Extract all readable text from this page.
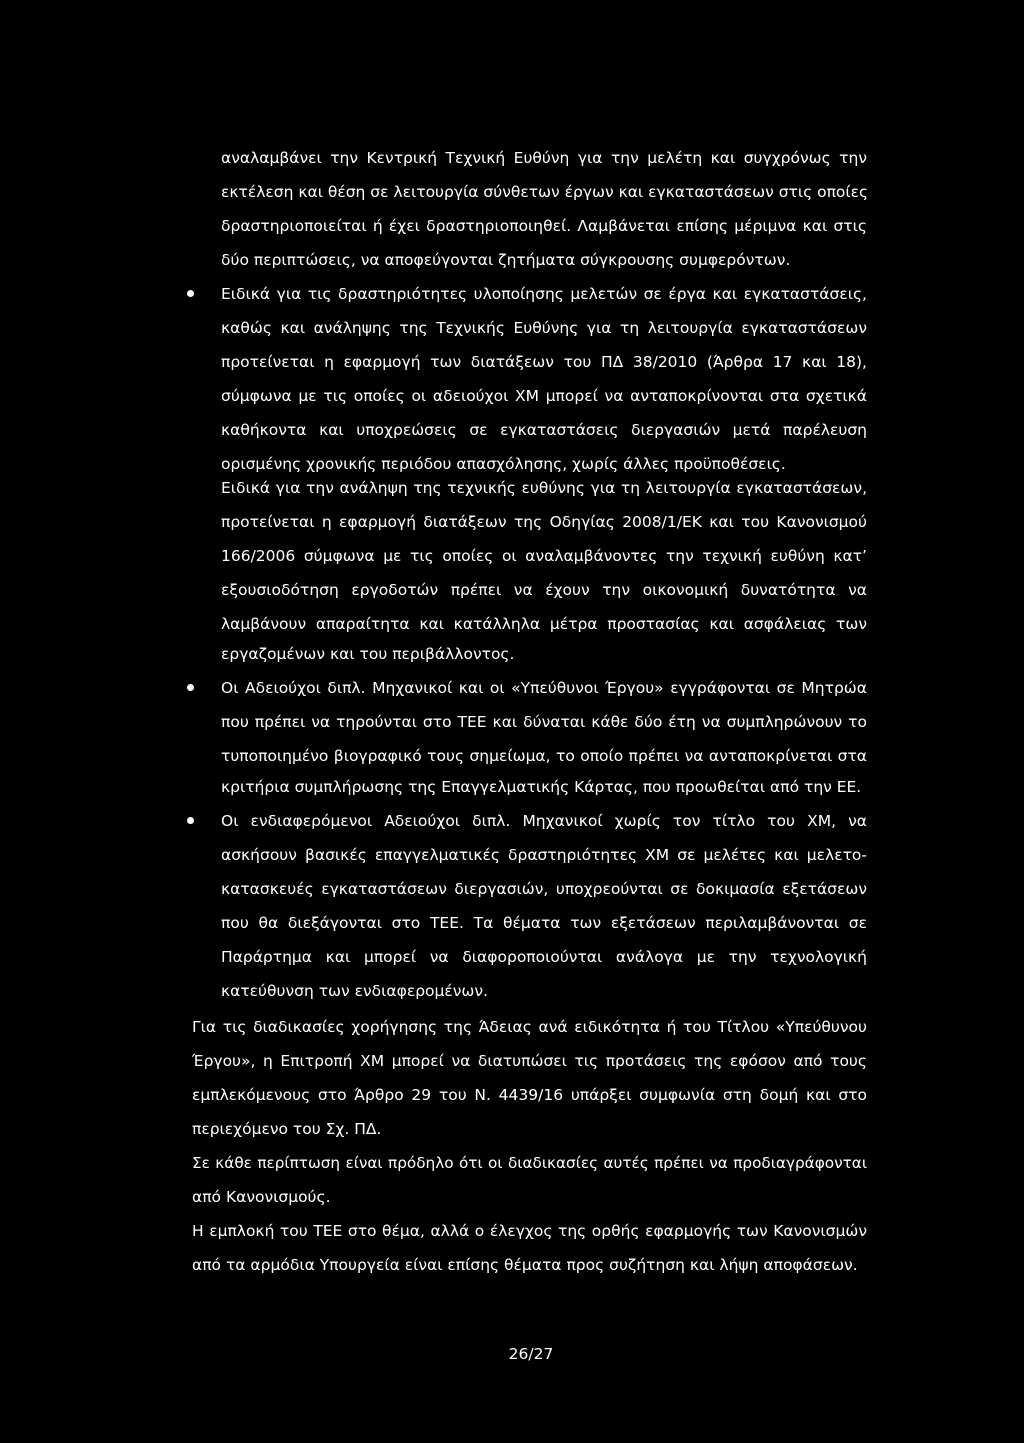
αναλαμβάνει την Κεντρική Τεχνική Ευθύνη για την μελέτη και συγχρόνως την
εκτέλεση και θέση σε λειτουργία σύνθετων έργων και εγκαταστάσεων στις οποίες
δραστηριοποιείται ή έχει δραστηριοποιηθεί. Λαμβάνεται επίσης μέριμνα και στις
δύο περιπτώσεις, να αποφεύγονται ζητήματα σύγκρουσης συμφερόντων.
Ειδικά για τις δραστηριότητες υλοποίησης μελετών σε έργα και εγκαταστάσεις,
καθώς και ανάληψης της Τεχνικής Ευθύνης για τη λειτουργία εγκαταστάσεων
προτείνεται η εφαρμογή των διατάξεων του ΠΔ 38/2010 (Άρθρα 17 και 18),
σύμφωνα με τις οποίες οι αδειούχοι ΧΜ μπορεί να ανταποκρίνονται στα σχετικά
καθήκοντα και υποχρεώσεις σε εγκαταστάσεις διεργασιών μετά παρέλευση
ορισμένης χρονικής περιόδου απασχόλησης, χωρίς άλλες προϋποθέσεις.
Ειδικά για την ανάληψη της τεχνικής ευθύνης για τη λειτουργία εγκαταστάσεων,
προτείνεται η εφαρμογή διατάξεων της Οδηγίας 2008/1/ΕΚ και του Κανονισμού
166/2006 σύμφωνα με τις οποίες οι αναλαμβάνοντες την τεχνική ευθύνη κατ’
εξουσιοδότηση εργοδοτών πρέπει να έχουν την οικονομική δυνατότητα να
λαμβάνουν απαραίτητα και κατάλληλα μέτρα προστασίας και ασφάλειας των
εργαζομένων και του περιβάλλοντος.
Οι Αδειούχοι διπλ. Μηχανικοί και οι «Υπεύθυνοι Έργου» εγγράφονται σε Μητρώα
που πρέπει να τηρούνται στο ΤΕΕ και δύναται κάθε δύο έτη να συμπληρώνουν το
τυποποιημένο βιογραφικό τους σημείωμα, το οποίο πρέπει να ανταποκρίνεται στα
κριτήρια συμπλήρωσης της Επαγγελματικής Κάρτας, που προωθείται από την ΕΕ.
Οι ενδιαφερόμενοι Αδειούχοι διπλ. Μηχανικοί χωρίς τον τίτλο του ΧΜ, να
ασκήσουν βασικές επαγγελματικές δραστηριότητες ΧΜ σε μελέτες και μελετο-
κατασκευές εγκαταστάσεων διεργασιών, υποχρεούνται σε δοκιμασία εξετάσεων
που θα διεξάγονται στο ΤΕΕ. Τα θέματα των εξετάσεων περιλαμβάνονται σε
Παράρτημα και μπορεί να διαφοροποιούνται ανάλογα με την τεχνολογική
κατεύθυνση των ενδιαφερομένων.
Για τις διαδικασίες χορήγησης της Άδειας ανά ειδικότητα ή του Τίτλου «Υπεύθυνου
Έργου», η Επιτροπή ΧΜ μπορεί να διατυπώσει τις προτάσεις της εφόσον από τους
εμπλεκόμενους στο Άρθρο 29 του Ν. 4439/16 υπάρξει συμφωνία στη δομή και στο
περιεχόμενο του Σχ. ΠΔ.
Σε κάθε περίπτωση είναι πρόδηλο ότι οι διαδικασίες αυτές πρέπει να προδιαγράφονται
από Κανονισμούς.
Η εμπλοκή του ΤΕΕ στο θέμα, αλλά ο έλεγχος της ορθής εφαρμογής των Κανονισμών
από τα αρμόδια Υπουργεία είναι επίσης θέματα προς συζήτηση και λήψη αποφάσεων.
26/27
